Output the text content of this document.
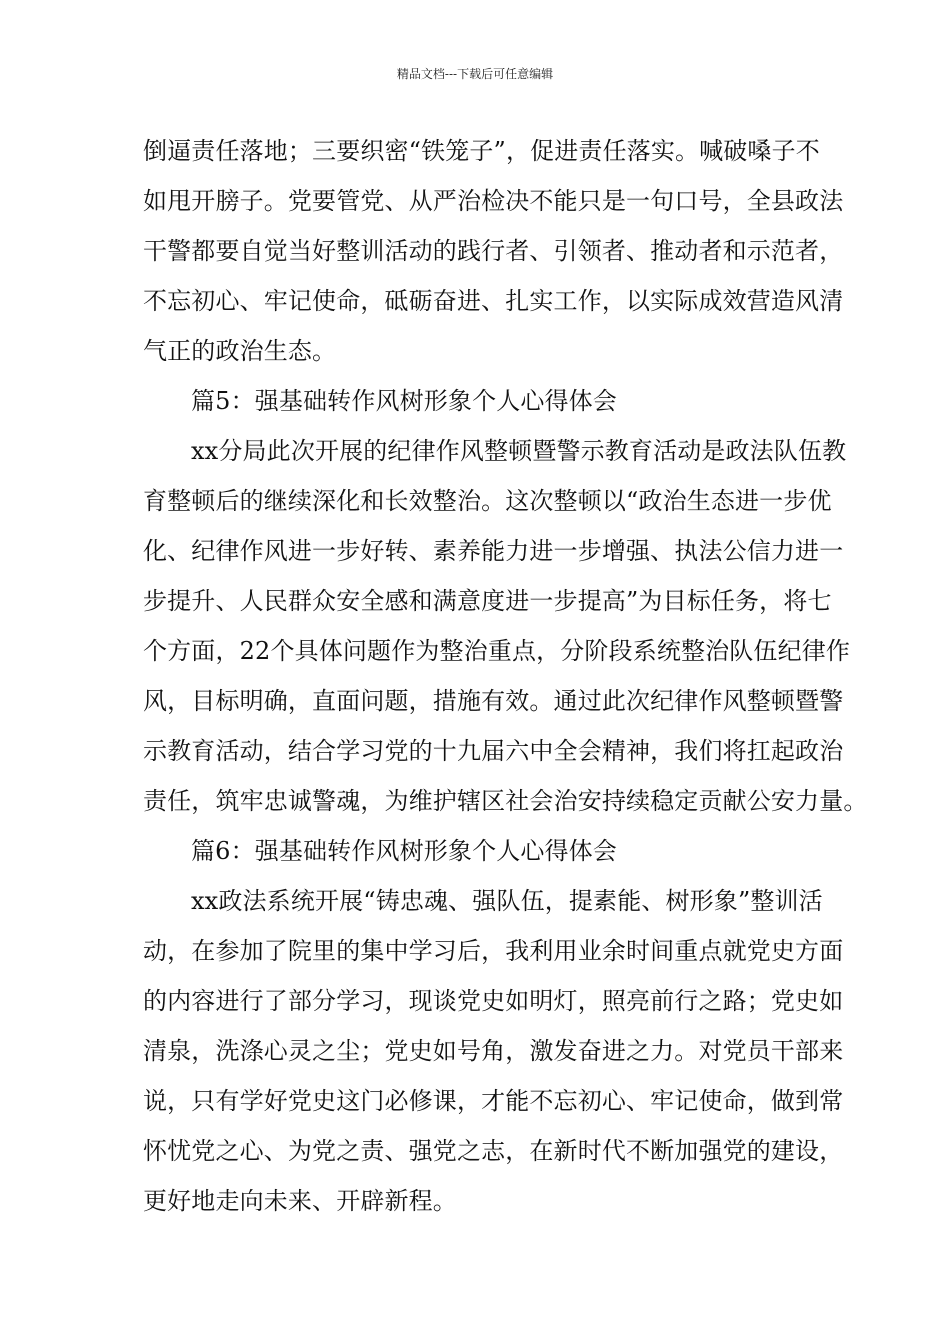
精品文档---下载后可任意编辑
倒逼责任落地；三要织密“铁笼子”，促进责任落实。喊破嗓子不
如甩开膀子。党要管党、从严治检决不能只是一句口号，全县政法
干警都要自觉当好整训活动的践行者、引领者、推动者和示范者，
不忘初心、牢记使命，砥砺奋进、扎实工作，以实际成效营造风清
气正的政治生态。
篇5：强基础转作风树形象个人心得体会
xx分局此次开展的纪律作风整顿暨警示教育活动是政法队伍教
育整顿后的继续深化和长效整治。这次整顿以“政治生态进一步优
化、纪律作风进一步好转、素养能力进一步增强、执法公信力进一
步提升、人民群众安全感和满意度进一步提高”为目标任务，将七
个方面，22个具体问题作为整治重点，分阶段系统整治队伍纪律作
风，目标明确，直面问题，措施有效。通过此次纪律作风整顿暨警
示教育活动，结合学习党的十九届六中全会精神，我们将扛起政治
责任，筑牢忠诚警魂，为维护辖区社会治安持续稳定贡献公安力量。
篇6：强基础转作风树形象个人心得体会
xx政法系统开展“铸忠魂、强队伍，提素能、树形象”整训活
动，在参加了院里的集中学习后，我利用业余时间重点就党史方面
的内容进行了部分学习，现谈党史如明灯，照亮前行之路；党史如
清泉，洗涤心灵之尘；党史如号角，激发奋进之力。对党员干部来
说，只有学好党史这门必修课，才能不忘初心、牢记使命，做到常
怀忧党之心、为党之责、强党之志，在新时代不断加强党的建设，
更好地走向未来、开辟新程。
